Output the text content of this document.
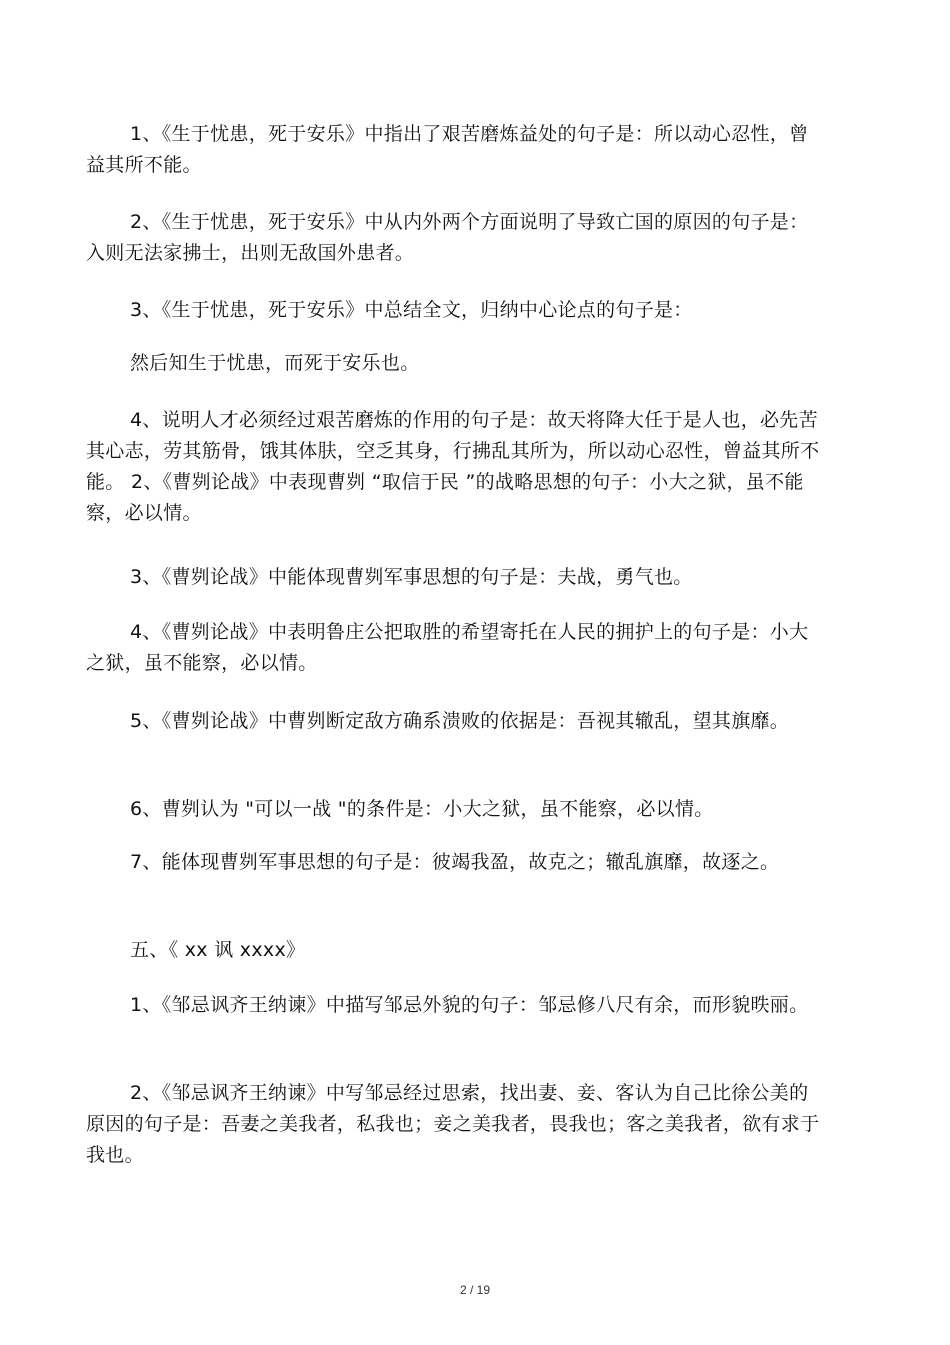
1、《生于忧患，死于安乐》中指出了艰苦磨炼益处的句子是：所以动心忍性，曾益其所不能。

2、《生于忧患，死于安乐》中从内外两个方面说明了导致亡国的原因的句子是：入则无法家拂士，出则无敌国外患者。

3、《生于忧患，死于安乐》中总结全文，归纳中心论点的句子是：

然后知生于忧患，而死于安乐也。

4、说明人才必须经过艰苦磨炼的作用的句子是：故天将降大任于是人也，必先苦其心志，劳其筋骨，饿其体肤，空乏其身，行拂乱其所为，所以动心忍性，曾益其所不能。 2、《曹刿论战》中表现曹刿 “取信于民 ”的战略思想的句子：小大之狱，虽不能察，必以情。

3、《曹刿论战》中能体现曹刿军事思想的句子是：夫战，勇气也。

4、《曹刿论战》中表明鲁庄公把取胜的希望寄托在人民的拥护上的句子是：小大之狱，虽不能察，必以情。

5、《曹刿论战》中曹刿断定敌方确系溃败的依据是：吾视其辙乱，望其旗靡。

6、曹刿认为 "可以一战 "的条件是：小大之狱，虽不能察，必以情。

7、能体现曹刿军事思想的句子是：彼竭我盈，故克之；辙乱旗靡，故逐之。

五、《 xx 讽 xxxx》

1、《邹忌讽齐王纳谏》中描写邹忌外貌的句子：邹忌修八尺有余，而形貌昳丽。

2、《邹忌讽齐王纳谏》中写邹忌经过思索，找出妻、妾、客认为自己比徐公美的原因的句子是：吾妻之美我者，私我也；妾之美我者，畏我也；客之美我者，欲有求于我也。

2 / 19
